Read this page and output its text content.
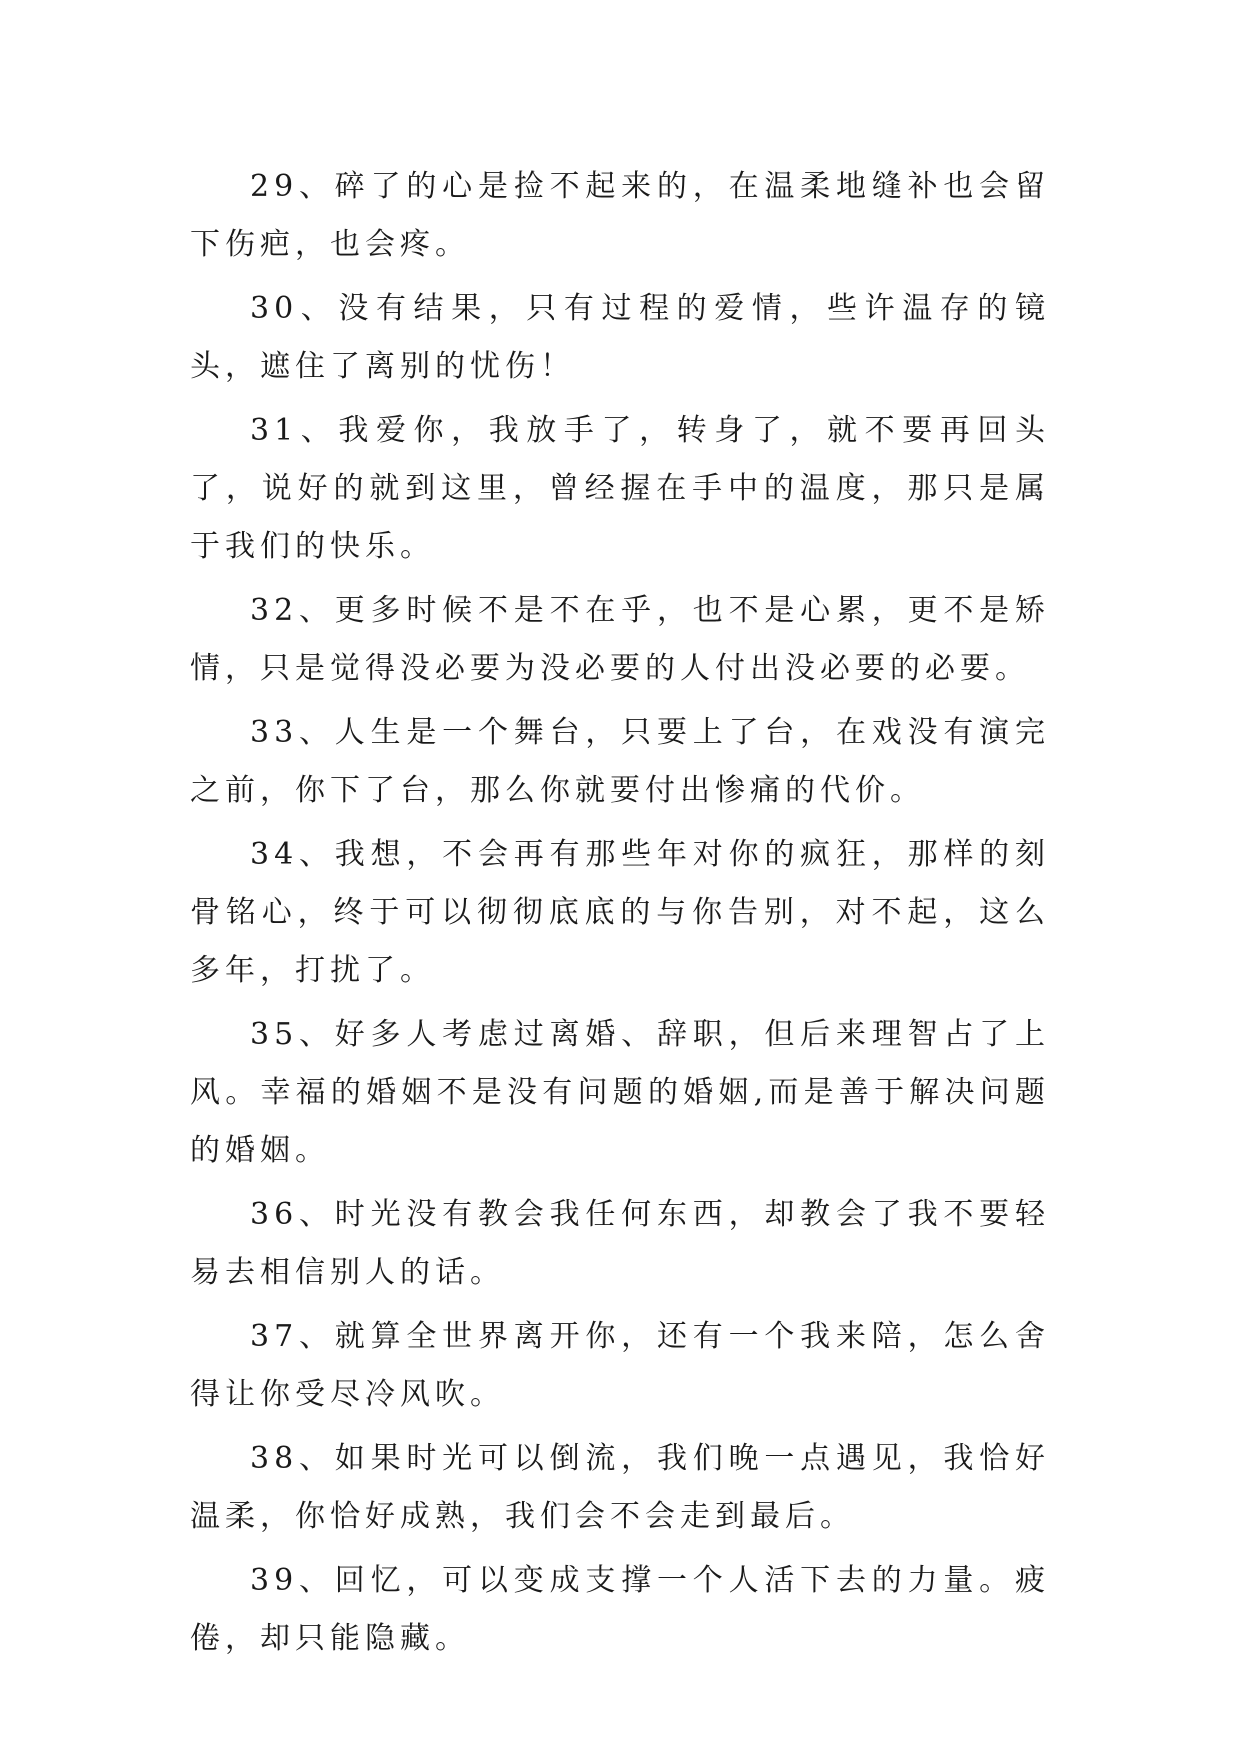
29、碎了的心是捡不起来的，在温柔地缝补也会留下伤疤，也会疼。

30、没有结果，只有过程的爱情，些许温存的镜头，遮住了离别的忧伤！

31、我爱你，我放手了，转身了，就不要再回头了，说好的就到这里，曾经握在手中的温度，那只是属于我们的快乐。

32、更多时候不是不在乎，也不是心累，更不是矫情，只是觉得没必要为没必要的人付出没必要的必要。

33、人生是一个舞台，只要上了台，在戏没有演完之前，你下了台，那么你就要付出惨痛的代价。

34、我想，不会再有那些年对你的疯狂，那样的刻骨铭心，终于可以彻彻底底的与你告别，对不起，这么多年，打扰了。

35、好多人考虑过离婚、辞职，但后来理智占了上风。幸福的婚姻不是没有问题的婚姻,而是善于解决问题的婚姻。

36、时光没有教会我任何东西，却教会了我不要轻易去相信别人的话。

37、就算全世界离开你，还有一个我来陪，怎么舍得让你受尽冷风吹。

38、如果时光可以倒流，我们晚一点遇见，我恰好温柔，你恰好成熟，我们会不会走到最后。

39、回忆，可以变成支撑一个人活下去的力量。疲倦，却只能隐藏。
